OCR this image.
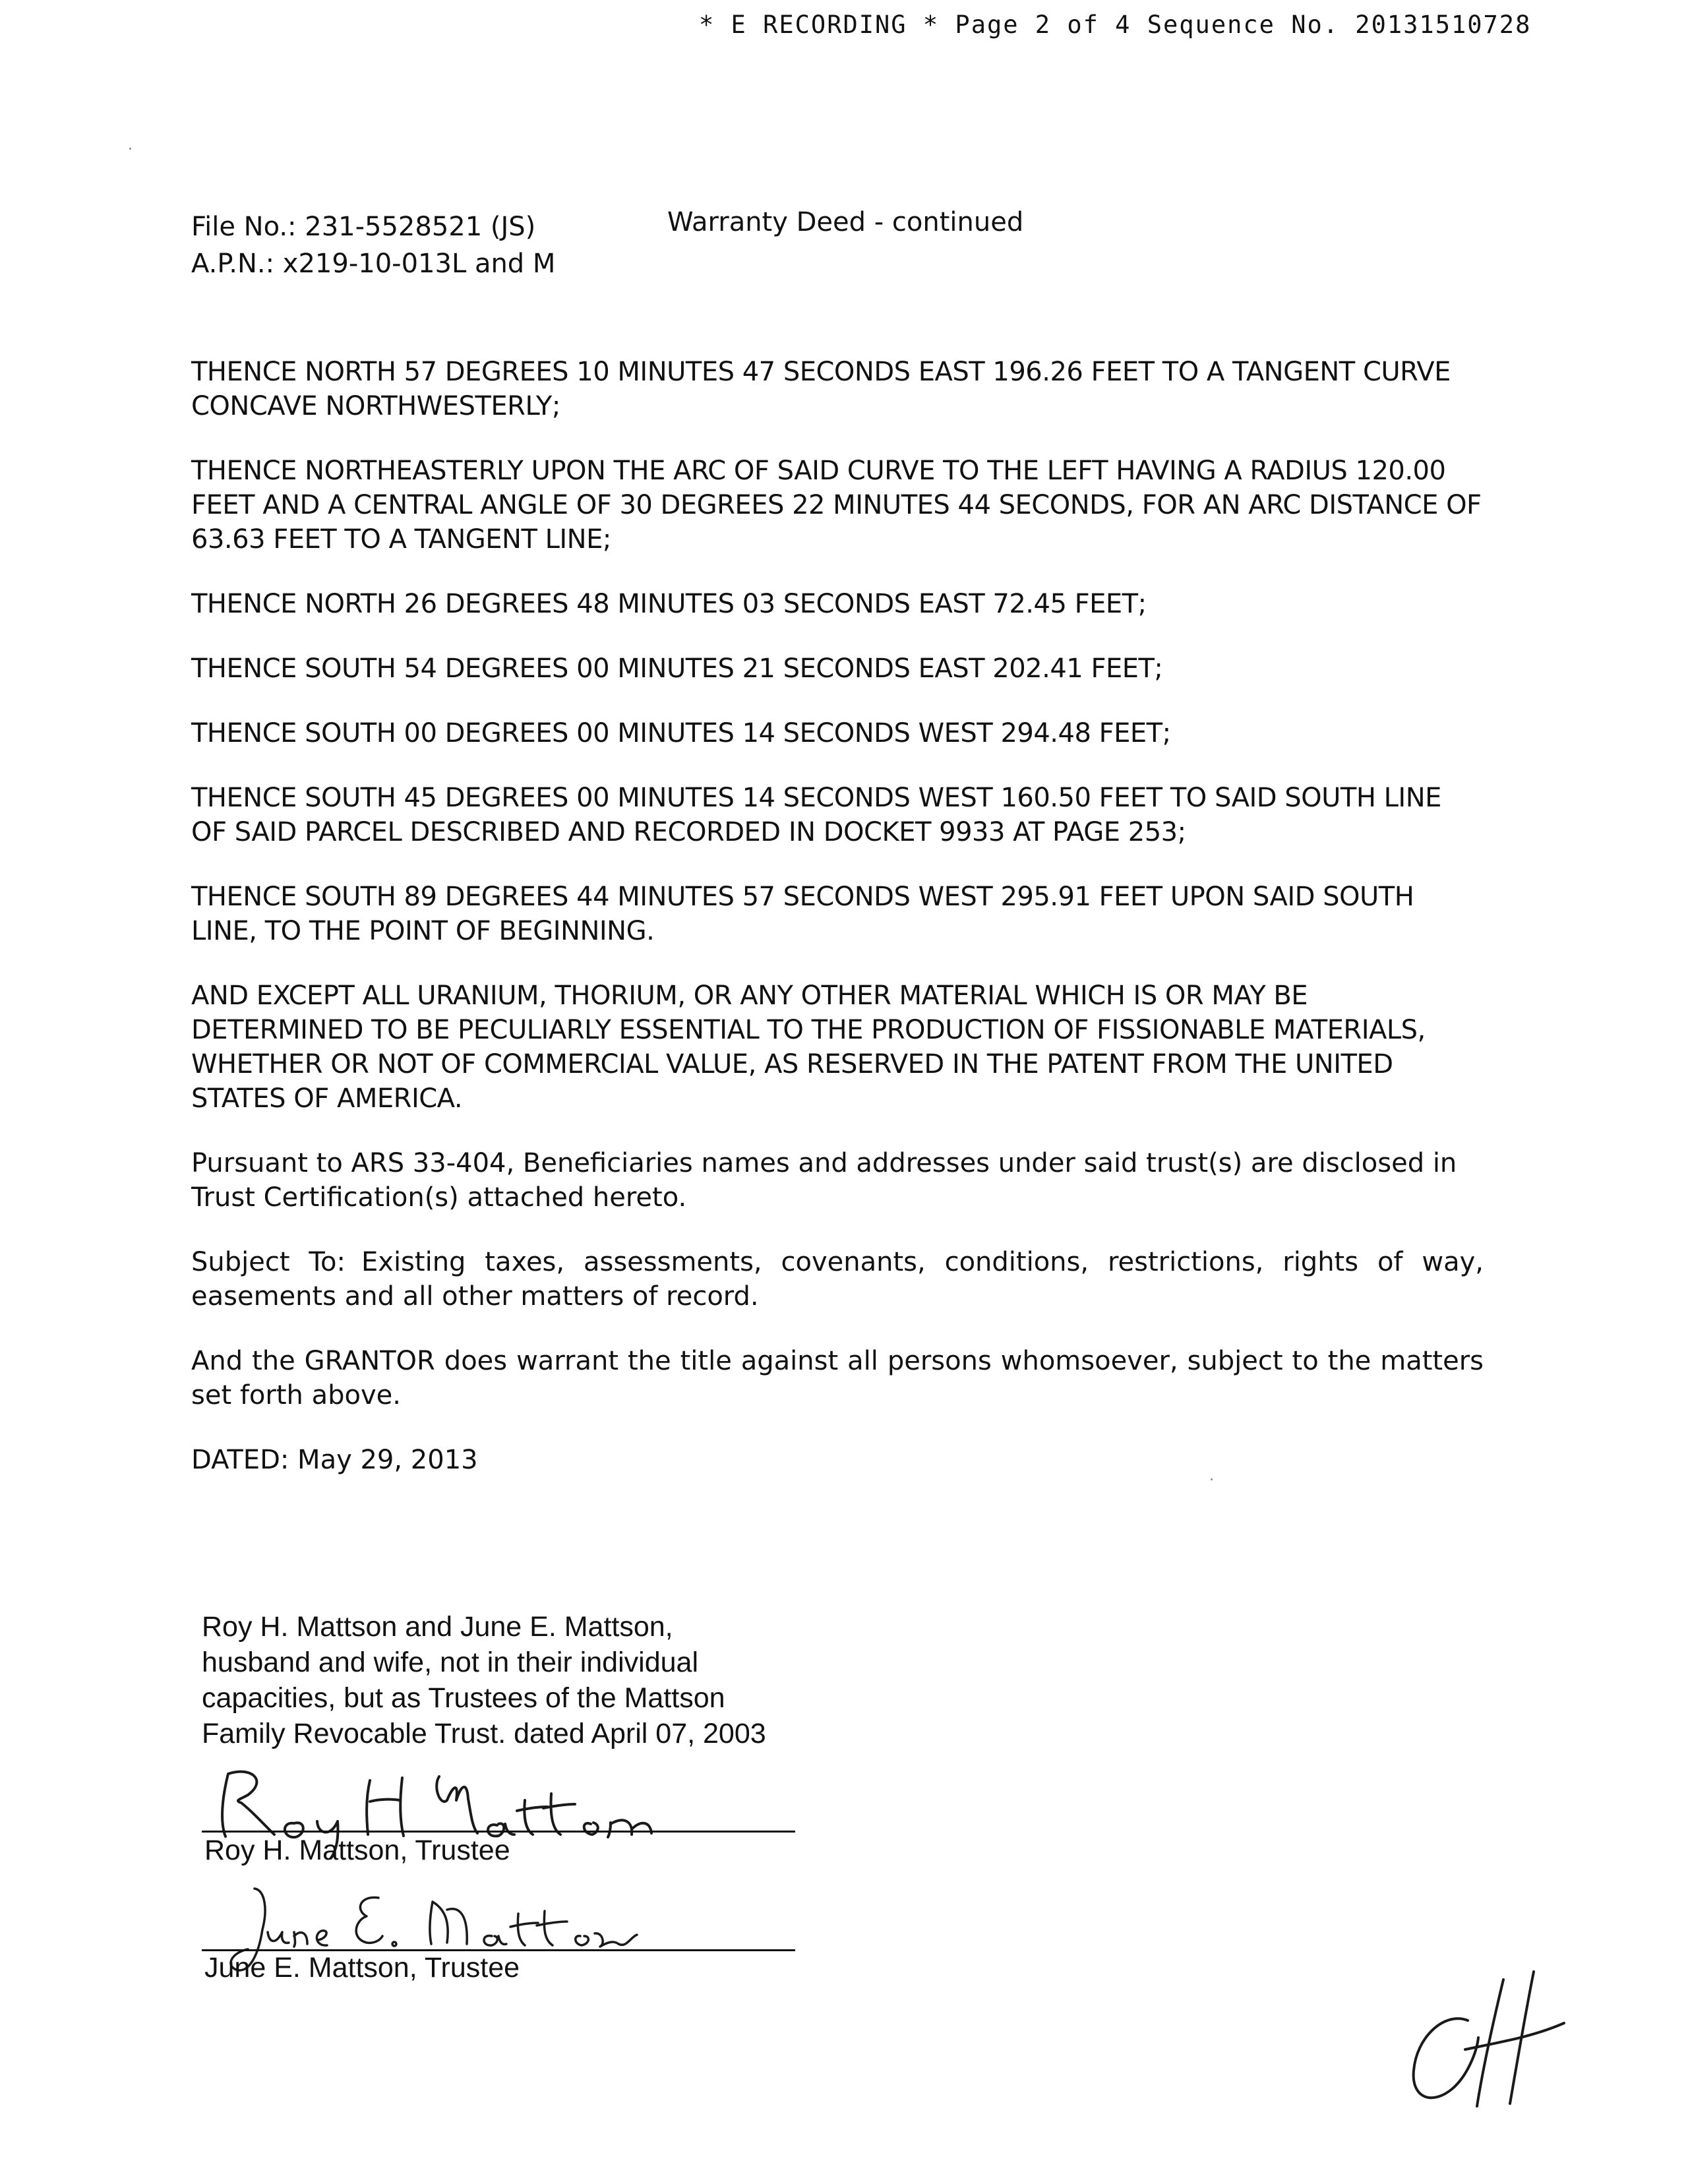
* E RECORDING * Page 2 of 4 Sequence No. 20131510728
File No.: 231-5528521 (JS)
A.P.N.: x219-10-013L and M
Warranty Deed - continued

THENCE NORTH 57 DEGREES 10 MINUTES 47 SECONDS EAST 196.26 FEET TO A TANGENT CURVE CONCAVE NORTHWESTERLY;

THENCE NORTHEASTERLY UPON THE ARC OF SAID CURVE TO THE LEFT HAVING A RADIUS 120.00 FEET AND A CENTRAL ANGLE OF 30 DEGREES 22 MINUTES 44 SECONDS, FOR AN ARC DISTANCE OF 63.63 FEET TO A TANGENT LINE;

THENCE NORTH 26 DEGREES 48 MINUTES 03 SECONDS EAST 72.45 FEET;

THENCE SOUTH 54 DEGREES 00 MINUTES 21 SECONDS EAST 202.41 FEET;

THENCE SOUTH 00 DEGREES 00 MINUTES 14 SECONDS WEST 294.48 FEET;

THENCE SOUTH 45 DEGREES 00 MINUTES 14 SECONDS WEST 160.50 FEET TO SAID SOUTH LINE OF SAID PARCEL DESCRIBED AND RECORDED IN DOCKET 9933 AT PAGE 253;

THENCE SOUTH 89 DEGREES 44 MINUTES 57 SECONDS WEST 295.91 FEET UPON SAID SOUTH LINE, TO THE POINT OF BEGINNING.

AND EXCEPT ALL URANIUM, THORIUM, OR ANY OTHER MATERIAL WHICH IS OR MAY BE DETERMINED TO BE PECULIARLY ESSENTIAL TO THE PRODUCTION OF FISSIONABLE MATERIALS, WHETHER OR NOT OF COMMERCIAL VALUE, AS RESERVED IN THE PATENT FROM THE UNITED STATES OF AMERICA.

Pursuant to ARS 33-404, Beneficiaries names and addresses under said trust(s) are disclosed in Trust Certification(s) attached hereto.

Subject To: Existing taxes, assessments, covenants, conditions, restrictions, rights of way, easements and all other matters of record.

And the GRANTOR does warrant the title against all persons whomsoever, subject to the matters set forth above.

DATED: May 29, 2013

Roy H. Mattson and June E. Mattson,
husband and wife, not in their individual
capacities, but as Trustees of the Mattson
Family Revocable Trust. dated April 07, 2003
Roy H. Mattson, Trustee
June E. Mattson, Trustee
